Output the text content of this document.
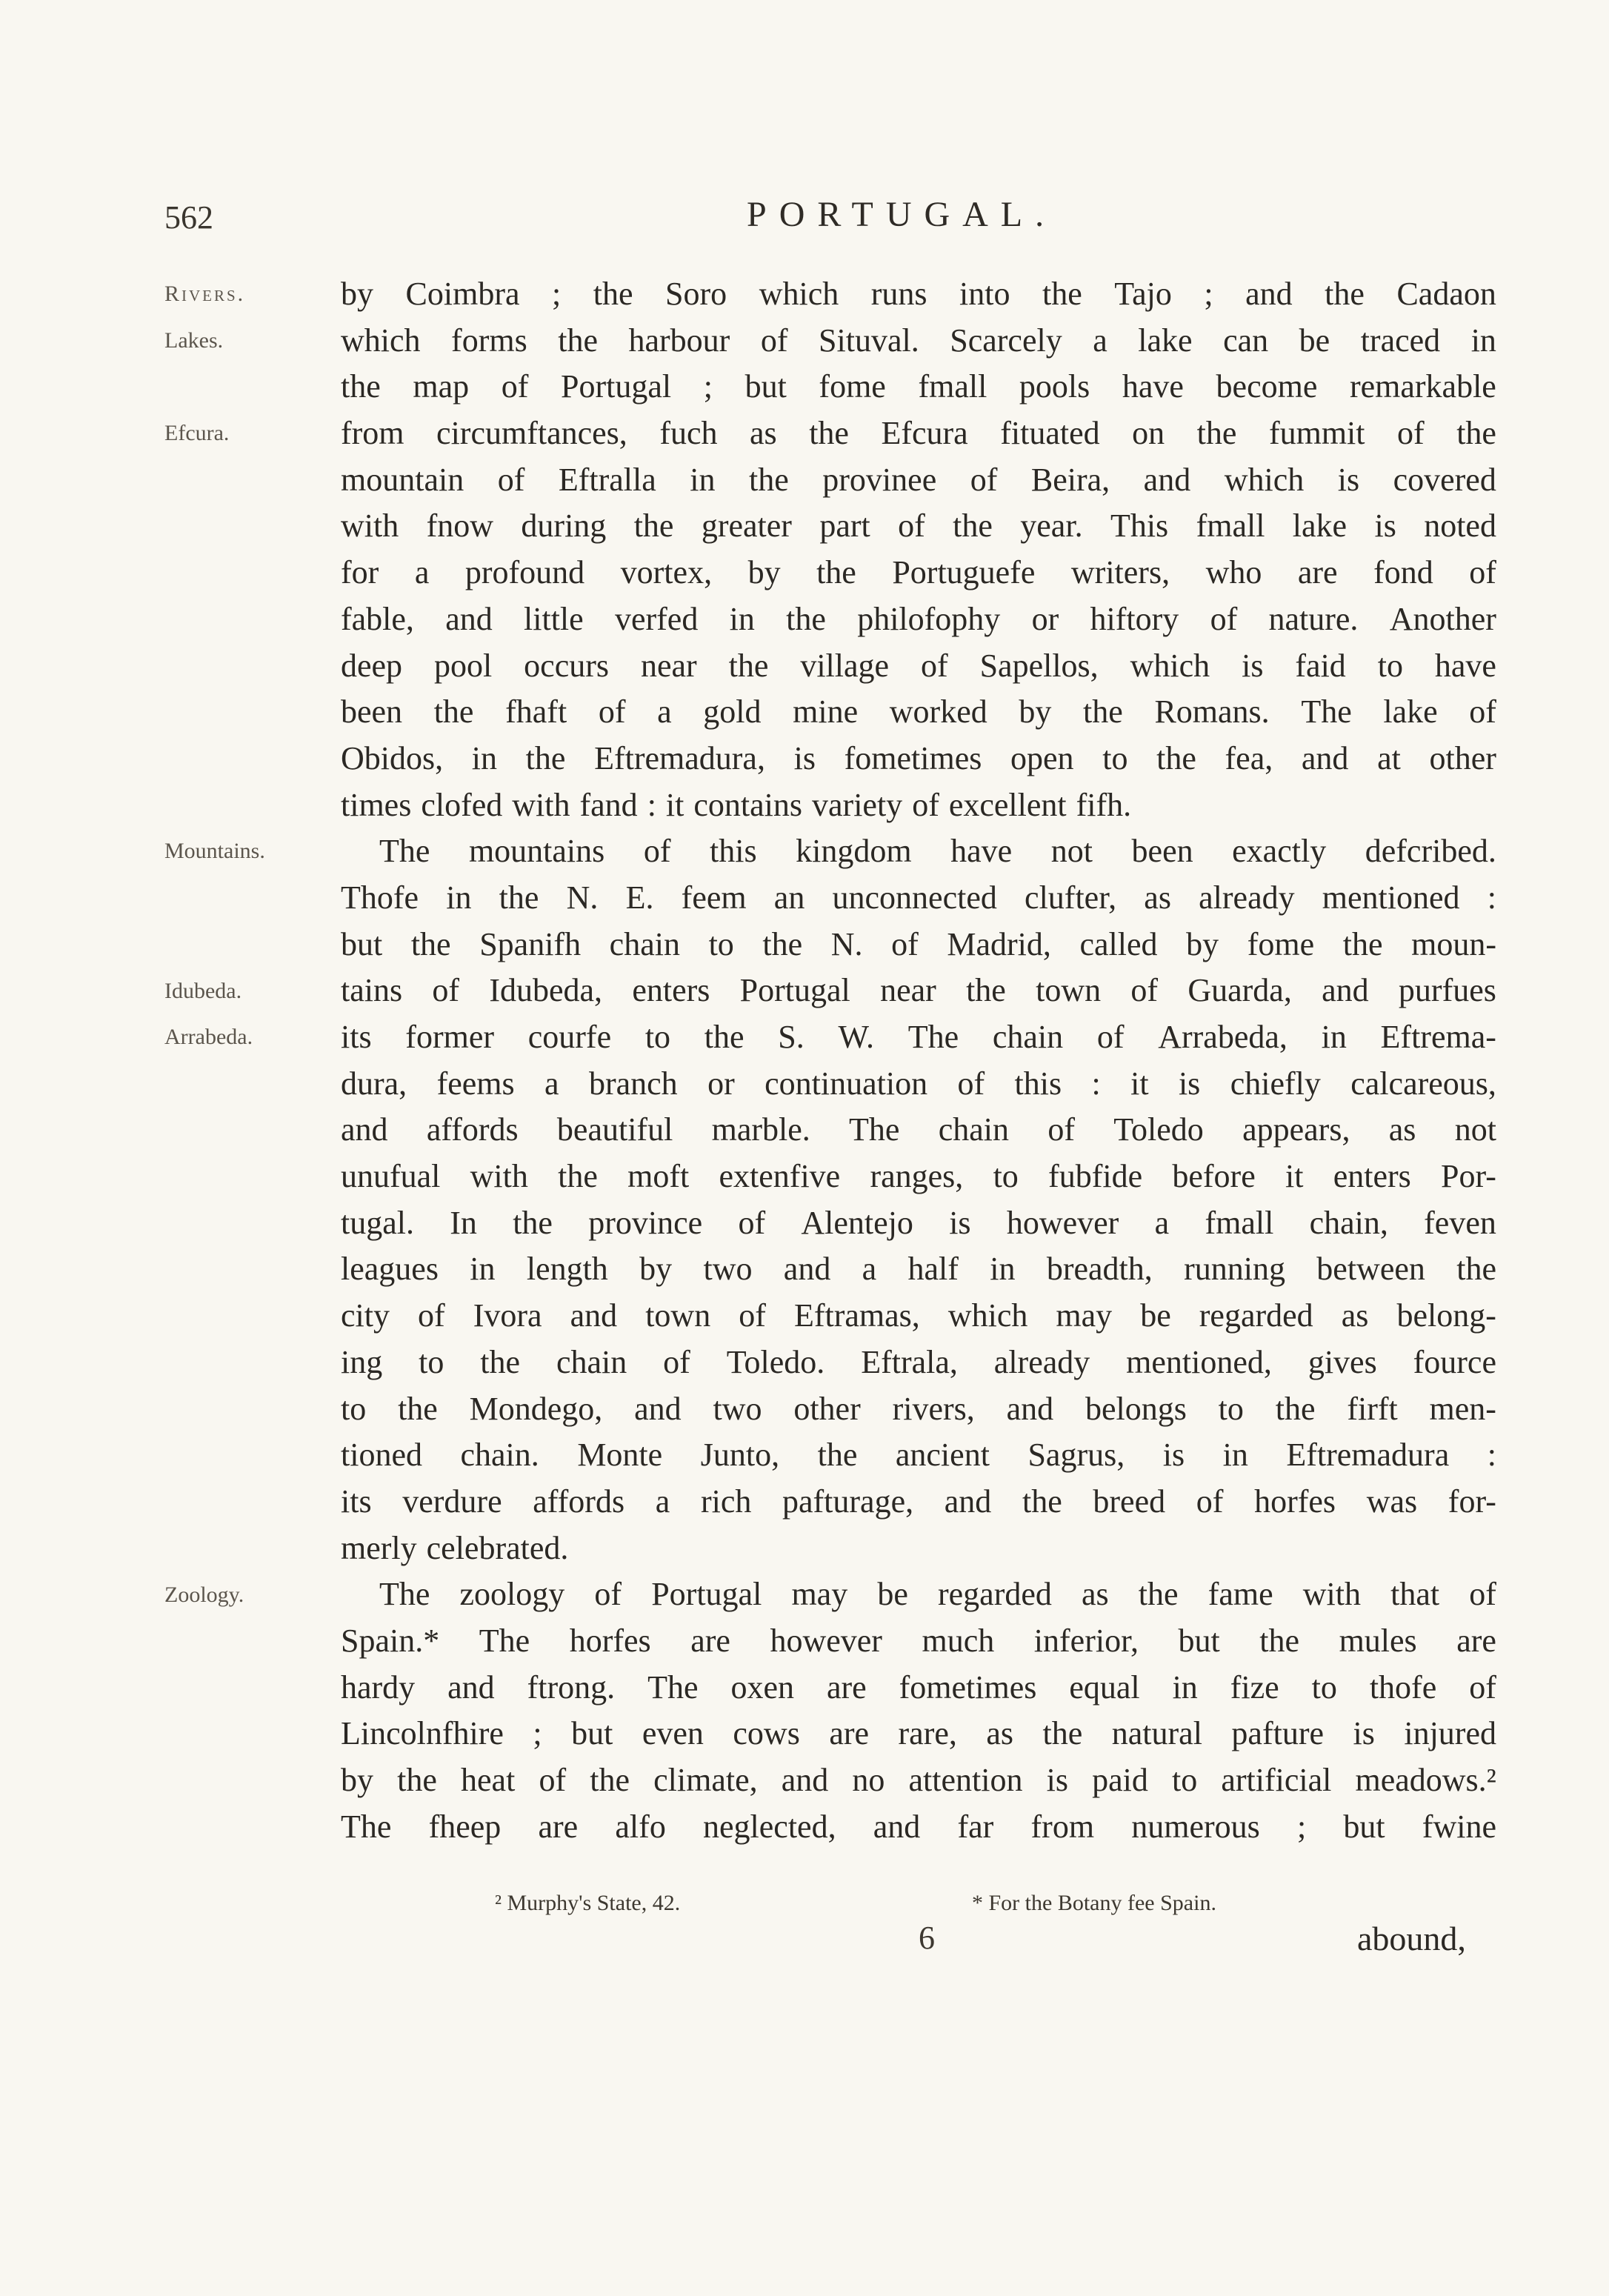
562	PORTUGAL.
Rivers.
Lakes.
Efcura.
Mountains.
Idubeda.
Arrabeda.
Zoology.
by Coimbra ; the Soro which runs into the Tajo ; and the Cadaon
which forms the harbour of Situval. Scarcely a lake can be traced in
the map of Portugal ; but fome fmall pools have become remarkable
from circumftances, fuch as the Efcura fituated on the fummit of the
mountain of Eftralla in the provinee of Beira, and which is covered
with fnow during the greater part of the year. This fmall lake is noted
for a profound vortex, by the Portuguefe writers, who are fond of
fable, and little verfed in the philofophy or hiftory of nature. Another
deep pool occurs near the village of Sapellos, which is faid to have
been the fhaft of a gold mine worked by the Romans. The lake of
Obidos, in the Eftremadura, is fometimes open to the fea, and at other
times clofed with fand : it contains variety of excellent fifh.
The mountains of this kingdom have not been exactly defcribed.
Thofe in the N. E. feem an unconnected clufter, as already mentioned :
but the Spanifh chain to the N. of Madrid, called by fome the moun-
tains of Idubeda, enters Portugal near the town of Guarda, and purfues
its former courfe to the S. W. The chain of Arrabeda, in Eftrema-
dura, feems a branch or continuation of this : it is chiefly calcareous,
and affords beautiful marble. The chain of Toledo appears, as not
unufual with the moft extenfive ranges, to fubfide before it enters Por-
tugal. In the province of Alentejo is however a fmall chain, feven
leagues in length by two and a half in breadth, running between the
city of Ivora and town of Eftramas, which may be regarded as belong-
ing to the chain of Toledo. Eftrala, already mentioned, gives fource
to the Mondego, and two other rivers, and belongs to the firft men-
tioned chain. Monte Junto, the ancient Sagrus, is in Eftremadura :
its verdure affords a rich pafturage, and the breed of horfes was for-
merly celebrated.
The zoology of Portugal may be regarded as the fame with that of
Spain.* The horfes are however much inferior, but the mules are
hardy and ftrong. The oxen are fometimes equal in fize to thofe of
Lincolnfhire ; but even cows are rare, as the natural pafture is injured
by the heat of the climate, and no attention is paid to artificial meadows.²
The fheep are alfo neglected, and far from numerous ; but fwine
² Murphy's State, 42.	* For the Botany fee Spain.
6	abound,
